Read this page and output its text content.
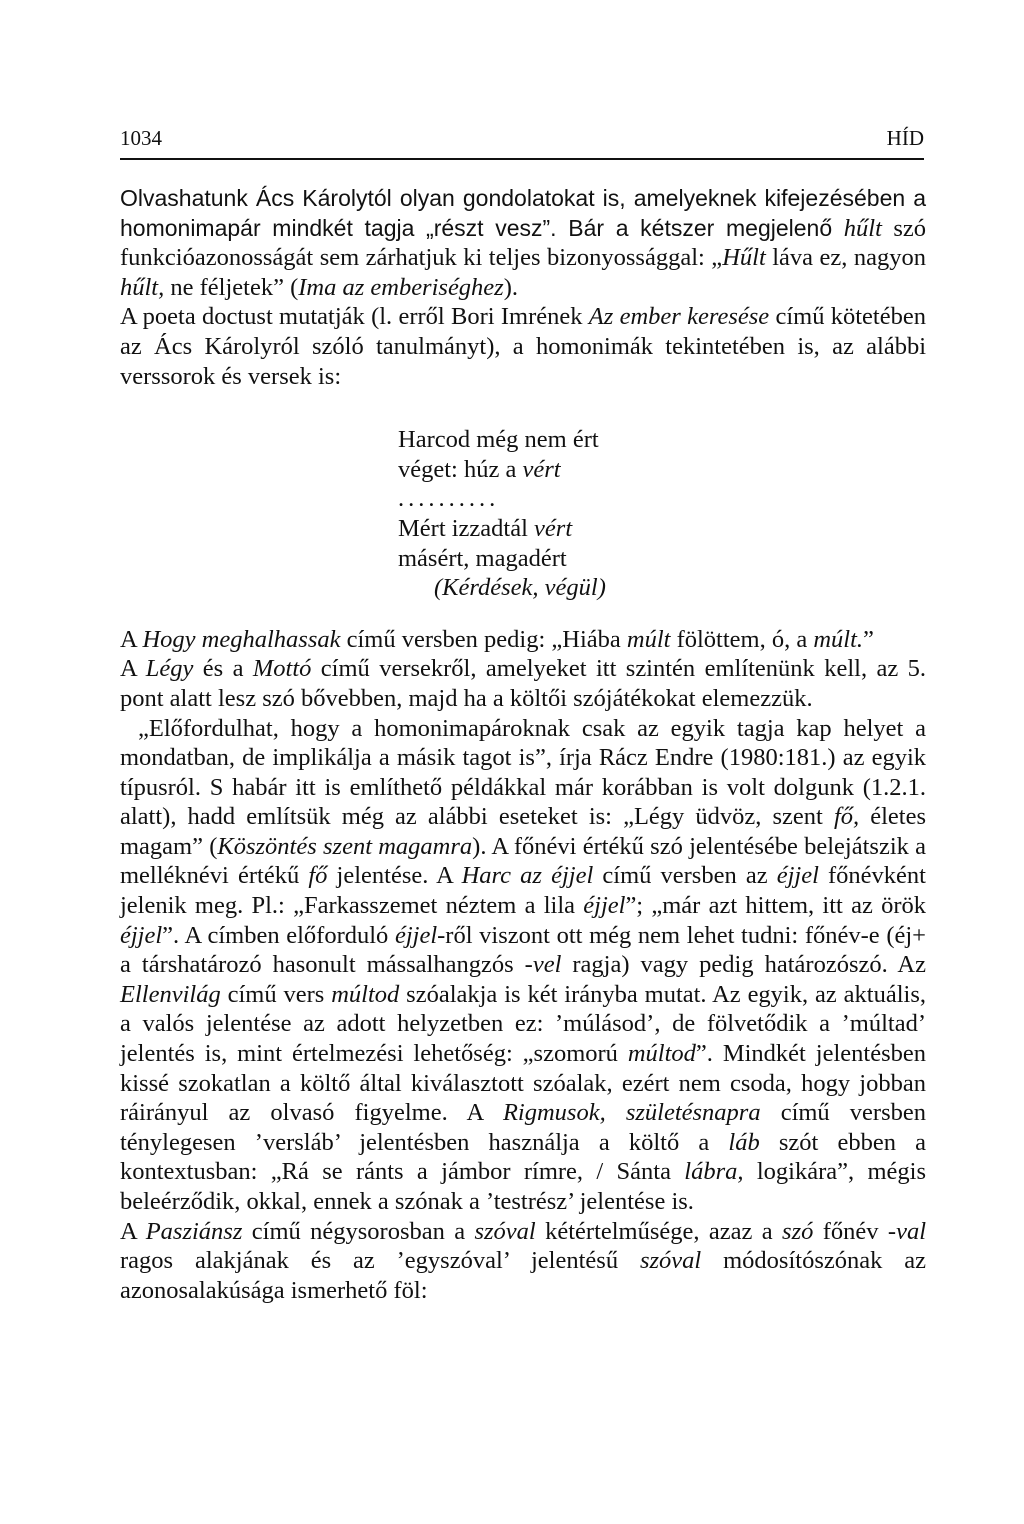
1034	HÍD

Olvashatunk Ács Károlytól olyan gondolatokat is, amelyeknek kifejezésében a homonimapár mindkét tagja „részt vesz”. Bár a kétszer megjelenő hűlt szó funkcióazonosságát sem zárhatjuk ki teljes bizonyossággal: „Hűlt láva ez, nagyon hűlt, ne féljetek” (Ima az emberiséghez).

A poeta doctust mutatják (l. erről Bori Imrének Az ember keresése című kötetében az Ács Károlyról szóló tanulmányt), a homonimák tekintetében is, az alábbi verssorok és versek is:

Harcod még nem ért
véget: húz a vért
..........
Mért izzadtál vért
másért, magadért
(Kérdések, végül)

A Hogy meghalhassak című versben pedig: „Hiába múlt fölöttem, ó, a múlt.”

A Légy és a Mottó című versekről, amelyeket itt szintén említenünk kell, az 5. pont alatt lesz szó bővebben, majd ha a költői szójátékokat elemezzük.

„Előfordulhat, hogy a homonimapároknak csak az egyik tagja kap helyet a mondatban, de implikálja a másik tagot is”, írja Rácz Endre (1980:181.) az egyik típusról. S habár itt is említhető példákkal már korábban is volt dolgunk (1.2.1. alatt), hadd említsük még az alábbi eseteket is: „Légy üdvöz, szent fő, életes magam” (Köszöntés szent magamra). A főnévi értékű szó jelentésébe belejátszik a melléknévi értékű fő jelentése. A Harc az éjjel című versben az éjjel főnévként jelenik meg. Pl.: „Farkasszemet néztem a lila éjjel”; „már azt hittem, itt az örök éjjel”. A címben előforduló éjjel-ről viszont ott még nem lehet tudni: főnév-e (éj+ a társhatározó hasonult mássalhangzós -vel ragja) vagy pedig határozószó. Az Ellenvilág című vers múltod szóalakja is két irányba mutat. Az egyik, az aktuális, a valós jelentése az adott helyzetben ez: ’múlásod’, de fölvetődik a ’múltad’ jelentés is, mint értelmezési lehetőség: „szomorú múltod”. Mindkét jelentésben kissé szokatlan a költő által kiválasztott szóalak, ezért nem csoda, hogy jobban ráirányul az olvasó figyelme. A Rigmusok, születésnapra című versben ténylegesen ’versláb’ jelentésben használja a költő a láb szót ebben a kontextusban: „Rá se ránts a jámbor rímre, / Sánta lábra, logikára”, mégis beleérződik, okkal, ennek a szónak a ’testrész’ jelentése is.

A Pasziánsz című négysorosban a szóval kétértelműsége, azaz a szó főnév -val ragos alakjának és az ’egyszóval’ jelentésű szóval módosítószónak az azonosalakúsága ismerhető föl:
